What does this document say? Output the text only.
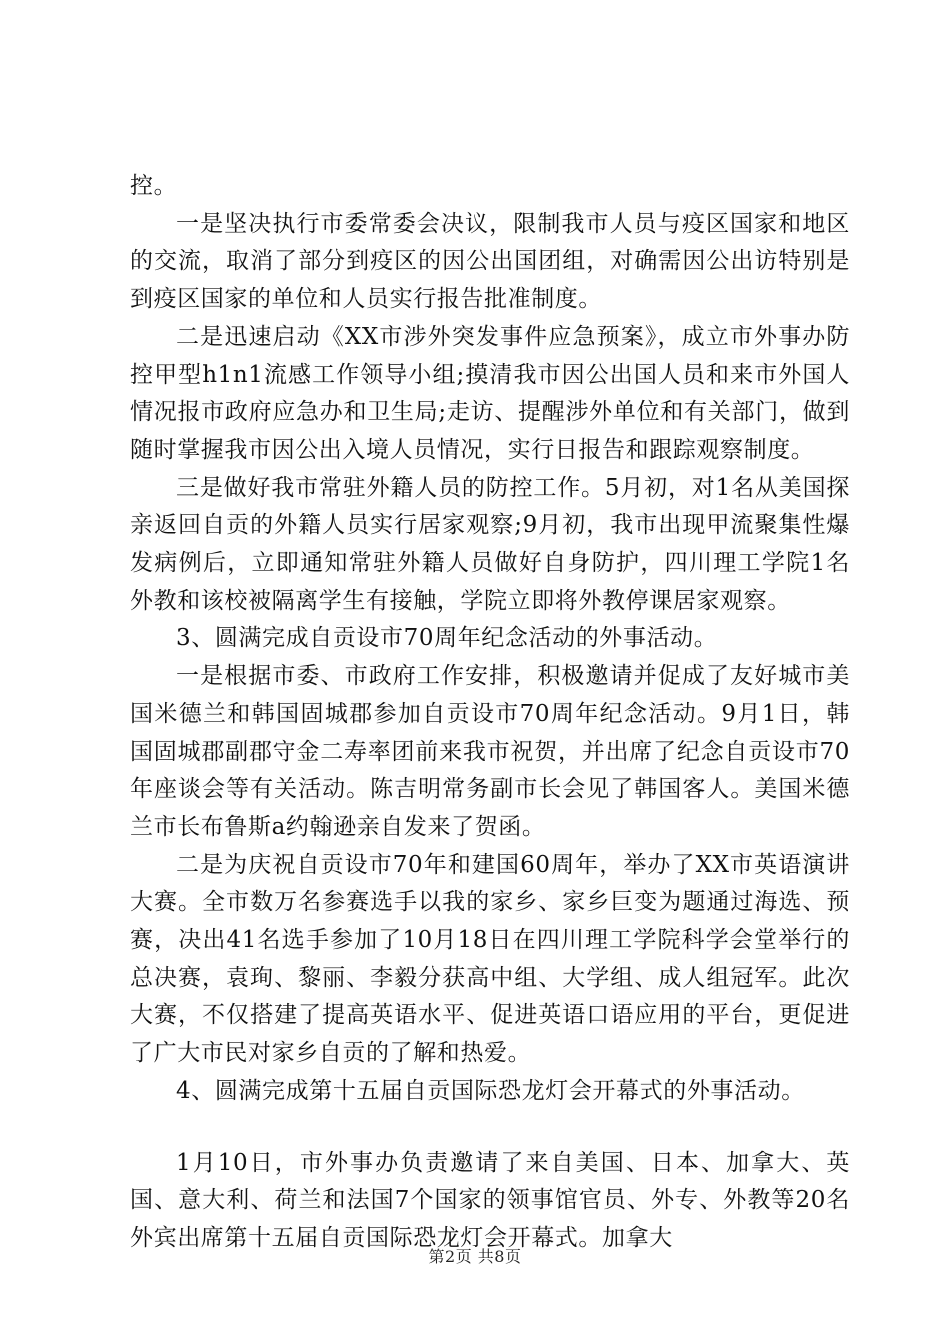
控。

一是坚决执行市委常委会决议，限制我市人员与疫区国家和地区的交流，取消了部分到疫区的因公出国团组，对确需因公出访特别是到疫区国家的单位和人员实行报告批准制度。

二是迅速启动《XX市涉外突发事件应急预案》，成立市外事办防控甲型h1n1流感工作领导小组;摸清我市因公出国人员和来市外国人情况报市政府应急办和卫生局;走访、提醒涉外单位和有关部门，做到随时掌握我市因公出入境人员情况，实行日报告和跟踪观察制度。

三是做好我市常驻外籍人员的防控工作。5月初，对1名从美国探亲返回自贡的外籍人员实行居家观察;9月初，我市出现甲流聚集性爆发病例后，立即通知常驻外籍人员做好自身防护，四川理工学院1名外教和该校被隔离学生有接触，学院立即将外教停课居家观察。

3、圆满完成自贡设市70周年纪念活动的外事活动。

一是根据市委、市政府工作安排，积极邀请并促成了友好城市美国米德兰和韩国固城郡参加自贡设市70周年纪念活动。9月1日，韩国固城郡副郡守金二寿率团前来我市祝贺，并出席了纪念自贡设市70年座谈会等有关活动。陈吉明常务副市长会见了韩国客人。美国米德兰市长布鲁斯a约翰逊亲自发来了贺函。

二是为庆祝自贡设市70年和建国60周年，举办了XX市英语演讲大赛。全市数万名参赛选手以我的家乡、家乡巨变为题通过海选、预赛，决出41名选手参加了10月18日在四川理工学院科学会堂举行的总决赛，袁珣、黎丽、李毅分获高中组、大学组、成人组冠军。此次大赛，不仅搭建了提高英语水平、促进英语口语应用的平台，更促进了广大市民对家乡自贡的了解和热爱。

4、圆满完成第十五届自贡国际恐龙灯会开幕式的外事活动。

1月10日，市外事办负责邀请了来自美国、日本、加拿大、英国、意大利、荷兰和法国7个国家的领事馆官员、外专、外教等20名外宾出席第十五届自贡国际恐龙灯会开幕式。加拿大

第2页 共8页
